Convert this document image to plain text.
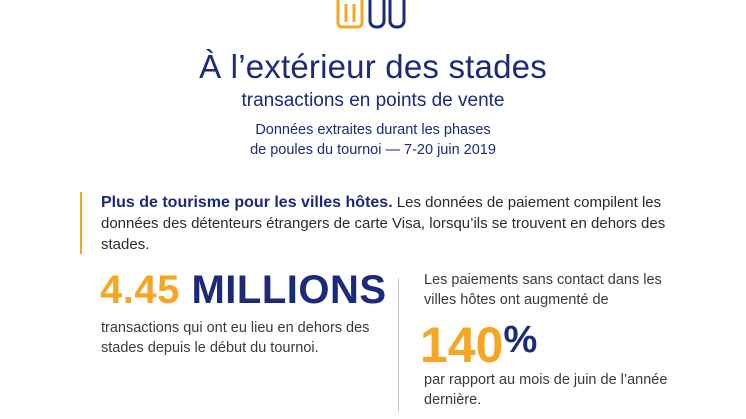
À l’extérieur des stades
transactions en points de vente
Données extraites durant les phases
de poules du tournoi — 7-20 juin 2019
Plus de tourisme pour les villes hôtes. Les données de paiement compilent les données des détenteurs étrangers de carte Visa, lorsqu’ils se trouvent en dehors des stades.
4.45 MILLIONS
transactions qui ont eu lieu en dehors des stades depuis le début du tournoi.
Les paiements sans contact dans les villes hôtes ont augmenté de
140%
par rapport au mois de juin de l’année dernière.
